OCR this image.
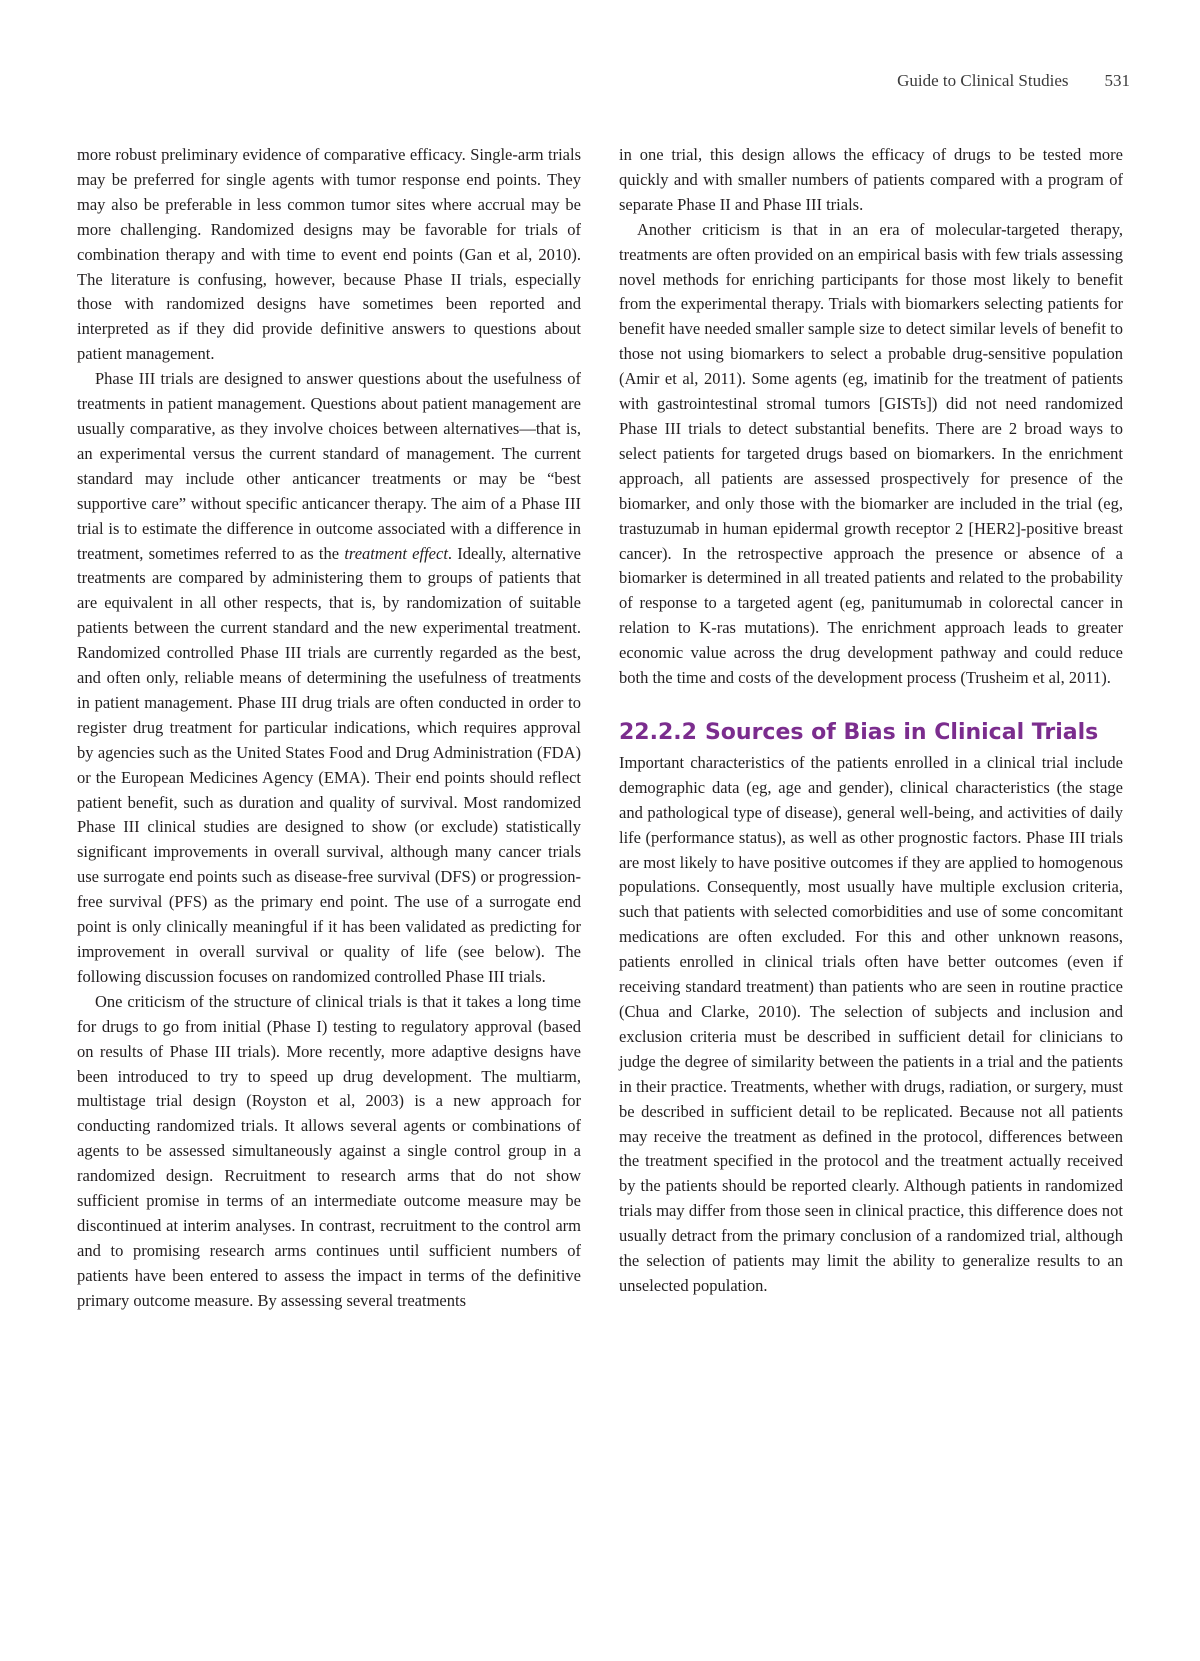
Guide to Clinical Studies 531

more robust preliminary evidence of comparative efficacy. Single-arm trials may be preferred for single agents with tumor response end points. They may also be preferable in less common tumor sites where accrual may be more challenging. Randomized designs may be favorable for trials of combination therapy and with time to event end points (Gan et al, 2010). The literature is confusing, however, because Phase II trials, especially those with randomized designs have sometimes been reported and interpreted as if they did provide definitive answers to questions about patient management.

Phase III trials are designed to answer questions about the usefulness of treatments in patient management. Questions about patient management are usually comparative, as they involve choices between alternatives—that is, an experimental versus the current standard of management. The current standard may include other anticancer treatments or may be “best supportive care” without specific anticancer therapy. The aim of a Phase III trial is to estimate the difference in outcome associated with a difference in treatment, sometimes referred to as the treatment effect. Ideally, alternative treatments are compared by administering them to groups of patients that are equivalent in all other respects, that is, by randomization of suitable patients between the current standard and the new experimental treatment. Randomized controlled Phase III trials are currently regarded as the best, and often only, reliable means of determining the usefulness of treatments in patient management. Phase III drug trials are often conducted in order to register drug treatment for particular indications, which requires approval by agencies such as the United States Food and Drug Administration (FDA) or the European Medicines Agency (EMA). Their end points should reflect patient benefit, such as duration and quality of survival. Most randomized Phase III clinical studies are designed to show (or exclude) statistically significant improvements in overall survival, although many cancer trials use surrogate end points such as disease-free survival (DFS) or progression-free survival (PFS) as the primary end point. The use of a surrogate end point is only clinically meaningful if it has been validated as predicting for improvement in overall survival or quality of life (see below). The following discussion focuses on randomized controlled Phase III trials.

One criticism of the structure of clinical trials is that it takes a long time for drugs to go from initial (Phase I) testing to regulatory approval (based on results of Phase III trials). More recently, more adaptive designs have been introduced to try to speed up drug development. The multiarm, multistage trial design (Royston et al, 2003) is a new approach for conducting randomized trials. It allows several agents or combinations of agents to be assessed simultaneously against a single control group in a randomized design. Recruitment to research arms that do not show sufficient promise in terms of an intermediate outcome measure may be discontinued at interim analyses. In contrast, recruitment to the control arm and to promising research arms continues until sufficient numbers of patients have been entered to assess the impact in terms of the definitive primary outcome measure. By assessing several treatments

in one trial, this design allows the efficacy of drugs to be tested more quickly and with smaller numbers of patients compared with a program of separate Phase II and Phase III trials.

Another criticism is that in an era of molecular-targeted therapy, treatments are often provided on an empirical basis with few trials assessing novel methods for enriching participants for those most likely to benefit from the experimental therapy. Trials with biomarkers selecting patients for benefit have needed smaller sample size to detect similar levels of benefit to those not using biomarkers to select a probable drug-sensitive population (Amir et al, 2011). Some agents (eg, imatinib for the treatment of patients with gastrointestinal stromal tumors [GISTs]) did not need randomized Phase III trials to detect substantial benefits. There are 2 broad ways to select patients for targeted drugs based on biomarkers. In the enrichment approach, all patients are assessed prospectively for presence of the biomarker, and only those with the biomarker are included in the trial (eg, trastuzumab in human epidermal growth receptor 2 [HER2]-positive breast cancer). In the retrospective approach the presence or absence of a biomarker is determined in all treated patients and related to the probability of response to a targeted agent (eg, panitumumab in colorectal cancer in relation to K-ras mutations). The enrichment approach leads to greater economic value across the drug development pathway and could reduce both the time and costs of the development process (Trusheim et al, 2011).

22.2.2 Sources of Bias in Clinical Trials

Important characteristics of the patients enrolled in a clinical trial include demographic data (eg, age and gender), clinical characteristics (the stage and pathological type of disease), general well-being, and activities of daily life (performance status), as well as other prognostic factors. Phase III trials are most likely to have positive outcomes if they are applied to homogenous populations. Consequently, most usually have multiple exclusion criteria, such that patients with selected comorbidities and use of some concomitant medications are often excluded. For this and other unknown reasons, patients enrolled in clinical trials often have better outcomes (even if receiving standard treatment) than patients who are seen in routine practice (Chua and Clarke, 2010). The selection of subjects and inclusion and exclusion criteria must be described in sufficient detail for clinicians to judge the degree of similarity between the patients in a trial and the patients in their practice. Treatments, whether with drugs, radiation, or surgery, must be described in sufficient detail to be replicated. Because not all patients may receive the treatment as defined in the protocol, differences between the treatment specified in the protocol and the treatment actually received by the patients should be reported clearly. Although patients in randomized trials may differ from those seen in clinical practice, this difference does not usually detract from the primary conclusion of a randomized trial, although the selection of patients may limit the ability to generalize results to an unselected population.
